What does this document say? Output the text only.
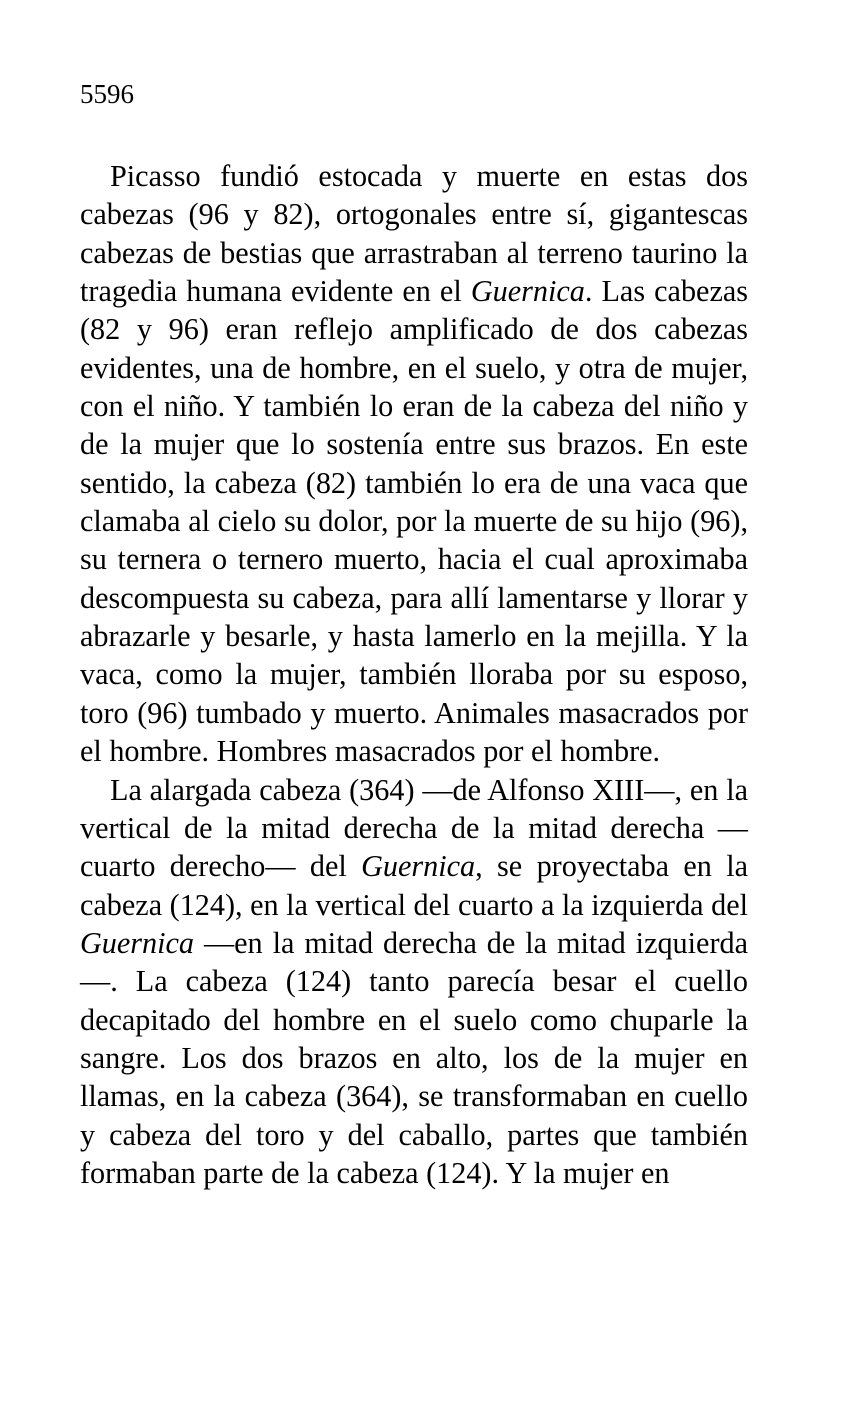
5596

Picasso fundió estocada y muerte en estas dos cabezas (96 y 82), ortogonales entre sí, gigantescas cabezas de bestias que arrastraban al terreno taurino la tragedia humana evidente en el Guernica. Las cabezas (82 y 96) eran reflejo amplificado de dos cabezas evidentes, una de hombre, en el suelo, y otra de mujer, con el niño. Y también lo eran de la cabeza del niño y de la mujer que lo sostenía entre sus brazos. En este sentido, la cabeza (82) también lo era de una vaca que clamaba al cielo su dolor, por la muerte de su hijo (96), su ternera o ternero muerto, hacia el cual aproximaba descompuesta su cabeza, para allí lamentarse y llorar y abrazarle y besarle, y hasta lamerlo en la mejilla. Y la vaca, como la mujer, también lloraba por su esposo, toro (96) tumbado y muerto. Animales masacrados por el hombre. Hombres masacrados por el hombre.

La alargada cabeza (364) —de Alfonso XIII—, en la vertical de la mitad derecha de la mitad derecha —cuarto derecho— del Guernica, se proyectaba en la cabeza (124), en la vertical del cuarto a la izquierda del Guernica —en la mitad derecha de la mitad izquierda—. La cabeza (124) tanto parecía besar el cuello decapitado del hombre en el suelo como chuparle la sangre. Los dos brazos en alto, los de la mujer en llamas, en la cabeza (364), se transformaban en cuello y cabeza del toro y del caballo, partes que también formaban parte de la cabeza (124). Y la mujer en
